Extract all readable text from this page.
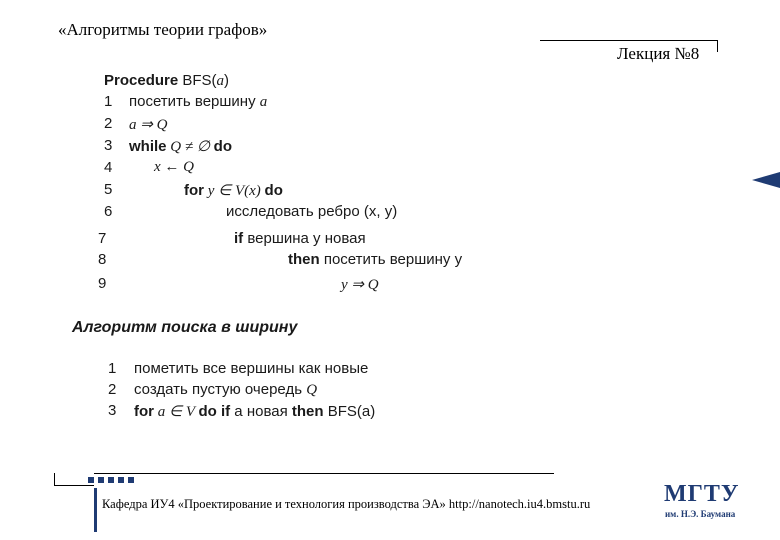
«Алгоритмы теории графов»
Лекция №8
Procedure BFS(a)
1	посетить вершину a
2	a ⇒ Q
3	while Q ≠ ∅ do
4	x ← Q
5	for y ∈ V(x) do
6	исследовать ребро (x, y)
7	if вершина y новая
8	then посетить вершину y
9	y ⇒ Q
Алгоритм поиска в ширину
1	пометить все вершины как новые
2	создать пустую очередь Q
3	for a ∈ V do if a новая then BFS(a)
Кафедра ИУ4 «Проектирование и технология производства ЭА» http://nanotech.iu4.bmstu.ru	МГТУ
им. Н.Э. Баумана
